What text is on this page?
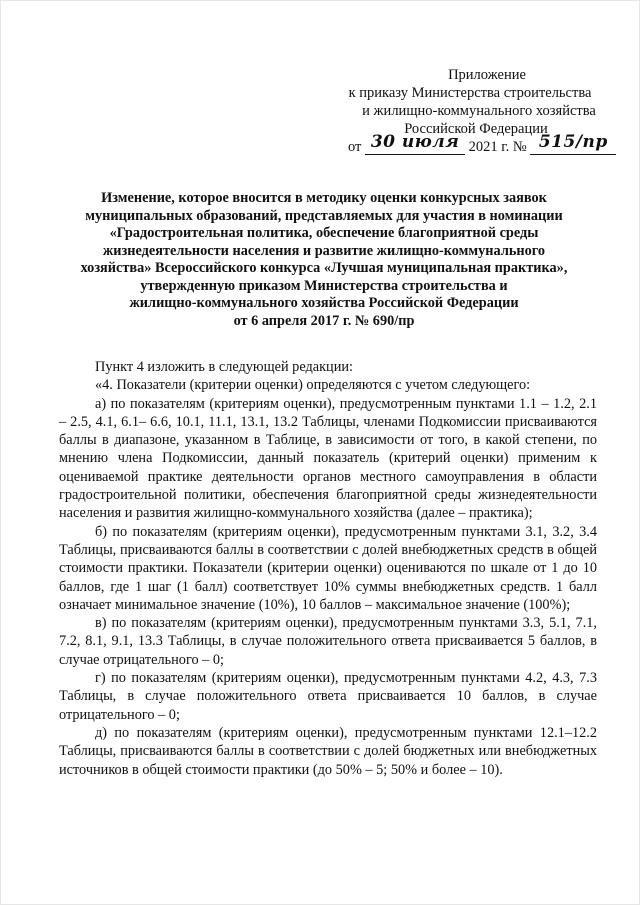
Приложение
к приказу Министерства строительства
и жилищно-коммунального хозяйства
Российской Федерации
от 30 июля 2021 г. № 515/пр
Изменение, которое вносится в методику оценки конкурсных заявок
муниципальных образований, представляемых для участия в номинации
«Градостроительная политика, обеспечение благоприятной среды
жизнедеятельности населения и развитие жилищно-коммунального
хозяйства» Всероссийского конкурса «Лучшая муниципальная практика»,
утвержденную приказом Министерства строительства и
жилищно-коммунального хозяйства Российской Федерации
от 6 апреля 2017 г. № 690/пр

Пункт 4 изложить в следующей редакции:

«4. Показатели (критерии оценки) определяются с учетом следующего:

а) по показателям (критериям оценки), предусмотренным пунктами 1.1 – 1.2, 2.1 – 2.5, 4.1, 6.1– 6.6, 10.1, 11.1, 13.1, 13.2 Таблицы, членами Подкомиссии присваиваются баллы в диапазоне, указанном в Таблице, в зависимости от того, в какой степени, по мнению члена Подкомиссии, данный показатель (критерий оценки) применим к оцениваемой практике деятельности органов местного самоуправления в области градостроительной политики, обеспечения благоприятной среды жизнедеятельности населения и развития жилищно-коммунального хозяйства (далее – практика);

б) по показателям (критериям оценки), предусмотренным пунктами 3.1, 3.2, 3.4 Таблицы, присваиваются баллы в соответствии с долей внебюджетных средств в общей стоимости практики. Показатели (критерии оценки) оцениваются по шкале от 1 до 10 баллов, где 1 шаг (1 балл) соответствует 10% суммы внебюджетных средств. 1 балл означает минимальное значение (10%), 10 баллов – максимальное значение (100%);

в) по показателям (критериям оценки), предусмотренным пунктами 3.3, 5.1, 7.1, 7.2, 8.1, 9.1, 13.3 Таблицы, в случае положительного ответа присваивается 5 баллов, в случае отрицательного – 0;

г) по показателям (критериям оценки), предусмотренным пунктами 4.2, 4.3, 7.3 Таблицы, в случае положительного ответа присваивается 10 баллов, в случае отрицательного – 0;

д) по показателям (критериям оценки), предусмотренным пунктами 12.1–12.2 Таблицы, присваиваются баллы в соответствии с долей бюджетных или внебюджетных источников в общей стоимости практики (до 50% – 5; 50% и более – 10).
